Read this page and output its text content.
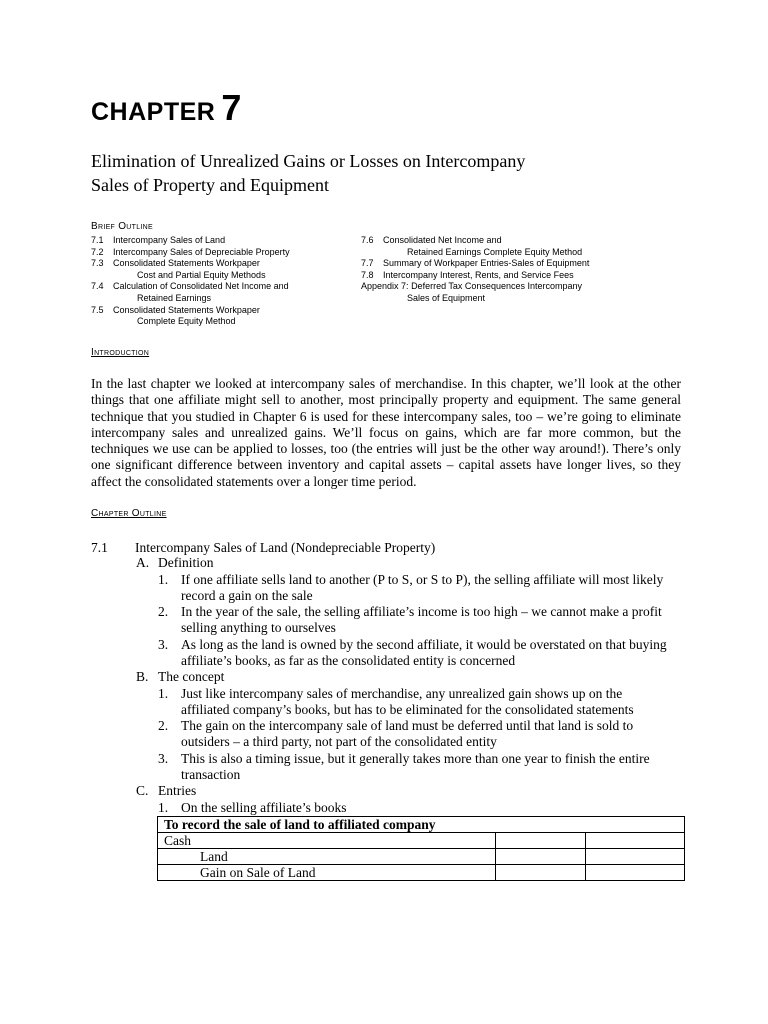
CHAPTER 7
Elimination of Unrealized Gains or Losses on Intercompany
Sales of Property and Equipment
Brief Outline
7.1 Intercompany Sales of Land
7.2 Intercompany Sales of Depreciable Property
7.3 Consolidated Statements Workpaper
Cost and Partial Equity Methods
7.4 Calculation of Consolidated Net Income and
Retained Earnings
7.5 Consolidated Statements Workpaper
Complete Equity Method
7.6 Consolidated Net Income and
Retained Earnings Complete Equity Method
7.7 Summary of Workpaper Entries-Sales of Equipment
7.8 Intercompany Interest, Rents, and Service Fees
Appendix 7: Deferred Tax Consequences Intercompany
Sales of Equipment
Introduction
In the last chapter we looked at intercompany sales of merchandise. In this chapter, we’ll look at the other things that one affiliate might sell to another, most principally property and equipment. The same general technique that you studied in Chapter 6 is used for these intercompany sales, too – we’re going to eliminate intercompany sales and unrealized gains. We’ll focus on gains, which are far more common, but the techniques we use can be applied to losses, too (the entries will just be the other way around!). There’s only one significant difference between inventory and capital assets – capital assets have longer lives, so they affect the consolidated statements over a longer time period.
Chapter Outline
7.1 Intercompany Sales of Land (Nondepreciable Property)
A. Definition
1. If one affiliate sells land to another (P to S, or S to P), the selling affiliate will most likely
record a gain on the sale
2. In the year of the sale, the selling affiliate’s income is too high – we cannot make a profit
selling anything to ourselves
3. As long as the land is owned by the second affiliate, it would be overstated on that buying
affiliate’s books, as far as the consolidated entity is concerned
B. The concept
1. Just like intercompany sales of merchandise, any unrealized gain shows up on the
affiliated company’s books, but has to be eliminated for the consolidated statements
2. The gain on the intercompany sale of land must be deferred until that land is sold to
outsiders – a third party, not part of the consolidated entity
3. This is also a timing issue, but it generally takes more than one year to finish the entire
transaction
C. Entries
1. On the selling affiliate’s books
To record the sale of land to affiliated company		
Cash		
Land		
Gain on Sale of Land		
